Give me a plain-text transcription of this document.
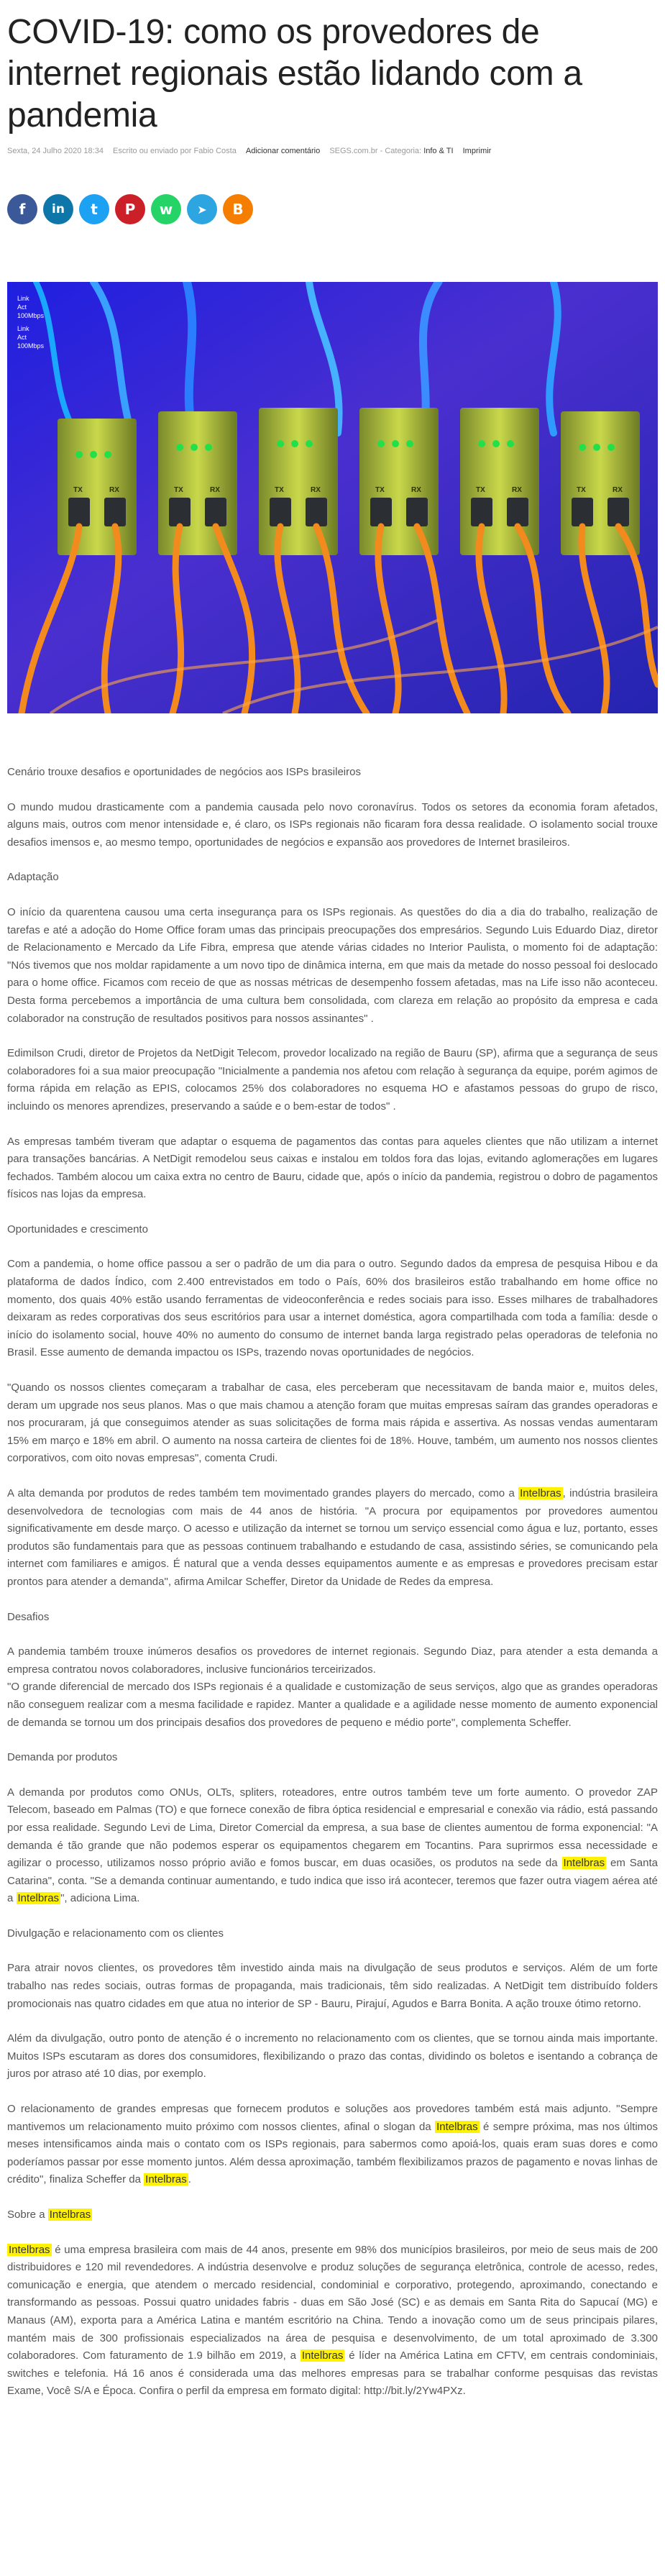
COVID-19: como os provedores de internet regionais estão lidando com a pandemia
Sexta, 24 Julho 2020 18:34 Escrito ou enviado por Fabio Costa Adicionar comentário SEGS.com.br - Categoria: Info & TI Imprimir
f in t P w ➤ B
TX	RX	TX	RX	TX	RX	TX	RX	TX	RX	TX	RX
Link
Act
100Mbps
Link
Act
100Mbps

Cenário trouxe desafios e oportunidades de negócios aos ISPs brasileiros

O mundo mudou drasticamente com a pandemia causada pelo novo coronavírus. Todos os setores da economia foram afetados, alguns mais, outros com menor intensidade e, é claro, os ISPs regionais não ficaram fora dessa realidade. O isolamento social trouxe desafios imensos e, ao mesmo tempo, oportunidades de negócios e expansão aos provedores de Internet brasileiros.

Adaptação

O início da quarentena causou uma certa insegurança para os ISPs regionais. As questões do dia a dia do trabalho, realização de tarefas e até a adoção do Home Office foram umas das principais preocupações dos empresários. Segundo Luis Eduardo Diaz, diretor de Relacionamento e Mercado da Life Fibra, empresa que atende várias cidades no Interior Paulista, o momento foi de adaptação: "Nós tivemos que nos moldar rapidamente a um novo tipo de dinâmica interna, em que mais da metade do nosso pessoal foi deslocado para o home office. Ficamos com receio de que as nossas métricas de desempenho fossem afetadas, mas na Life isso não aconteceu. Desta forma percebemos a importância de uma cultura bem consolidada, com clareza em relação ao propósito da empresa e cada colaborador na construção de resultados positivos para nossos assinantes" .

Edimilson Crudi, diretor de Projetos da NetDigit Telecom, provedor localizado na região de Bauru (SP), afirma que a segurança de seus colaboradores foi a sua maior preocupação "Inicialmente a pandemia nos afetou com relação à segurança da equipe, porém agimos de forma rápida em relação as EPIS, colocamos 25% dos colaboradores no esquema HO e afastamos pessoas do grupo de risco, incluindo os menores aprendizes, preservando a saúde e o bem-estar de todos" .

As empresas também tiveram que adaptar o esquema de pagamentos das contas para aqueles clientes que não utilizam a internet para transações bancárias. A NetDigit remodelou seus caixas e instalou em toldos fora das lojas, evitando aglomerações em lugares fechados. Também alocou um caixa extra no centro de Bauru, cidade que, após o início da pandemia, registrou o dobro de pagamentos físicos nas lojas da empresa.

Oportunidades e crescimento

Com a pandemia, o home office passou a ser o padrão de um dia para o outro. Segundo dados da empresa de pesquisa Hibou e da plataforma de dados Índico, com 2.400 entrevistados em todo o País, 60% dos brasileiros estão trabalhando em home office no momento, dos quais 40% estão usando ferramentas de videoconferência e redes sociais para isso. Esses milhares de trabalhadores deixaram as redes corporativas dos seus escritórios para usar a internet doméstica, agora compartilhada com toda a família: desde o início do isolamento social, houve 40% no aumento do consumo de internet banda larga registrado pelas operadoras de telefonia no Brasil. Esse aumento de demanda impactou os ISPs, trazendo novas oportunidades de negócios.

"Quando os nossos clientes começaram a trabalhar de casa, eles perceberam que necessitavam de banda maior e, muitos deles, deram um upgrade nos seus planos. Mas o que mais chamou a atenção foram que muitas empresas saíram das grandes operadoras e nos procuraram, já que conseguimos atender as suas solicitações de forma mais rápida e assertiva. As nossas vendas aumentaram 15% em março e 18% em abril. O aumento na nossa carteira de clientes foi de 18%. Houve, também, um aumento nos nossos clientes corporativos, com oito novas empresas", comenta Crudi.

A alta demanda por produtos de redes também tem movimentado grandes players do mercado, como a Intelbras , indústria brasileira desenvolvedora de tecnologias com mais de 44 anos de história. "A procura por equipamentos por provedores aumentou significativamente em desde março. O acesso e utilização da internet se tornou um serviço essencial como água e luz, portanto, esses produtos são fundamentais para que as pessoas continuem trabalhando e estudando de casa, assistindo séries, se comunicando pela internet com familiares e amigos. É natural que a venda desses equipamentos aumente e as empresas e provedores precisam estar prontos para atender a demanda", afirma Amilcar Scheffer, Diretor da Unidade de Redes da empresa.

Desafios

A pandemia também trouxe inúmeros desafios os provedores de internet regionais. Segundo Diaz, para atender a esta demanda a empresa contratou novos colaboradores, inclusive funcionários terceirizados.

"O grande diferencial de mercado dos ISPs regionais é a qualidade e customização de seus serviços, algo que as grandes operadoras não conseguem realizar com a mesma facilidade e rapidez. Manter a qualidade e a agilidade nesse momento de aumento exponencial de demanda se tornou um dos principais desafios dos provedores de pequeno e médio porte", complementa Scheffer.

Demanda por produtos

A demanda por produtos como ONUs, OLTs, spliters, roteadores, entre outros também teve um forte aumento. O provedor ZAP Telecom, baseado em Palmas (TO) e que fornece conexão de fibra óptica residencial e empresarial e conexão via rádio, está passando por essa realidade. Segundo Levi de Lima, Diretor Comercial da empresa, a sua base de clientes aumentou de forma exponencial: "A demanda é tão grande que não podemos esperar os equipamentos chegarem em Tocantins. Para suprirmos essa necessidade e agilizar o processo, utilizamos nosso próprio avião e fomos buscar, em duas ocasiões, os produtos na sede da Intelbras em Santa Catarina", conta. "Se a demanda continuar aumentando, e tudo indica que isso irá acontecer, teremos que fazer outra viagem aérea até a Intelbras ", adiciona Lima.

Divulgação e relacionamento com os clientes

Para atrair novos clientes, os provedores têm investido ainda mais na divulgação de seus produtos e serviços. Além de um forte trabalho nas redes sociais, outras formas de propaganda, mais tradicionais, têm sido realizadas. A NetDigit tem distribuído folders promocionais nas quatro cidades em que atua no interior de SP - Bauru, Pirajuí, Agudos e Barra Bonita. A ação trouxe ótimo retorno.

Além da divulgação, outro ponto de atenção é o incremento no relacionamento com os clientes, que se tornou ainda mais importante. Muitos ISPs escutaram as dores dos consumidores, flexibilizando o prazo das contas, dividindo os boletos e isentando a cobrança de juros por atraso até 10 dias, por exemplo.

O relacionamento de grandes empresas que fornecem produtos e soluções aos provedores também está mais adjunto. "Sempre mantivemos um relacionamento muito próximo com nossos clientes, afinal o slogan da Intelbras é sempre próxima, mas nos últimos meses intensificamos ainda mais o contato com os ISPs regionais, para sabermos como apoiá-los, quais eram suas dores e como poderíamos passar por esse momento juntos. Além dessa aproximação, também flexibilizamos prazos de pagamento e novas linhas de crédito", finaliza Scheffer da Intelbras .

Sobre a Intelbras

Intelbras é uma empresa brasileira com mais de 44 anos, presente em 98% dos municípios brasileiros, por meio de seus mais de 200 distribuidores e 120 mil revendedores. A indústria desenvolve e produz soluções de segurança eletrônica, controle de acesso, redes, comunicação e energia, que atendem o mercado residencial, condominial e corporativo, protegendo, aproximando, conectando e transformando as pessoas. Possui quatro unidades fabris - duas em São José (SC) e as demais em Santa Rita do Sapucaí (MG) e Manaus (AM), exporta para a América Latina e mantém escritório na China. Tendo a inovação como um de seus principais pilares, mantém mais de 300 profissionais especializados na área de pesquisa e desenvolvimento, de um total aproximado de 3.300 colaboradores. Com faturamento de 1.9 bilhão em 2019, a Intelbras é líder na América Latina em CFTV, em centrais condominiais, switches e telefonia. Há 16 anos é considerada uma das melhores empresas para se trabalhar conforme pesquisas das revistas Exame, Você S/A e Época. Confira o perfil da empresa em formato digital: http://bit.ly/2Yw4PXz.
